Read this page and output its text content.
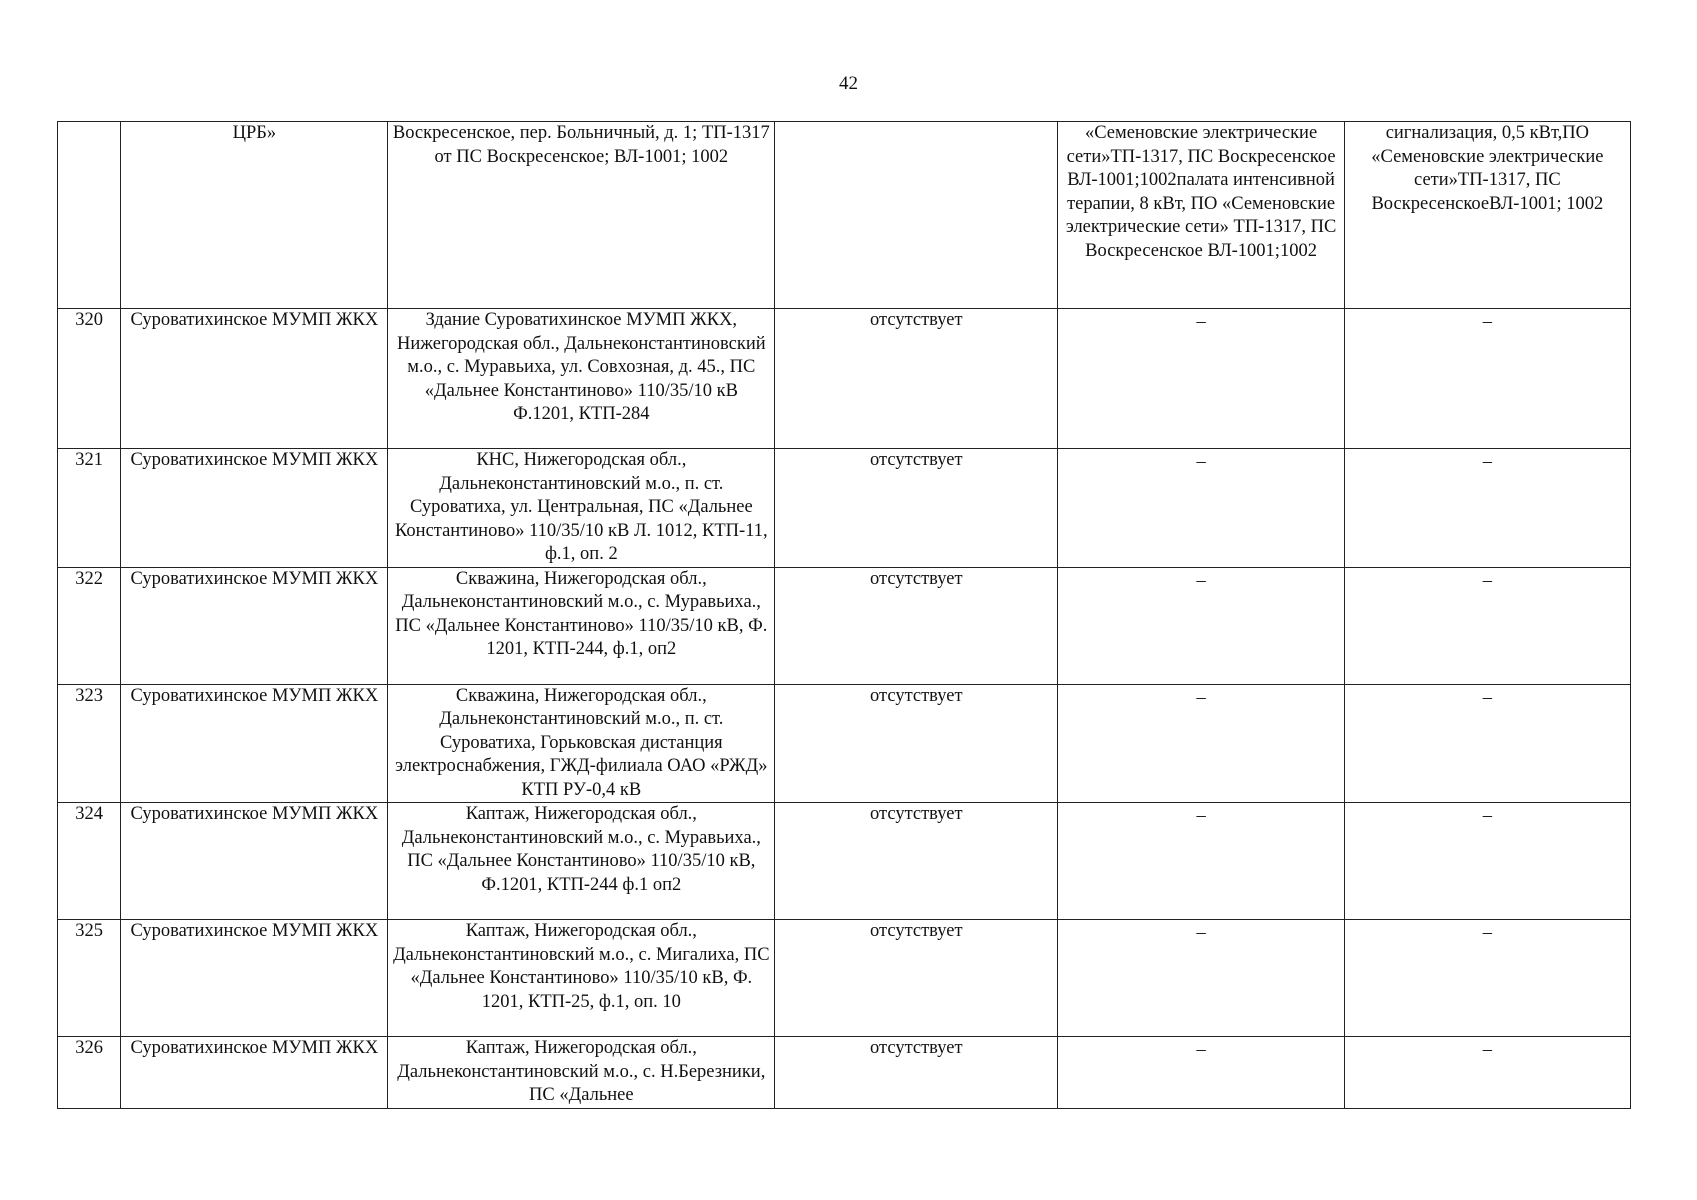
42
	ЦРБ»	Воскресенское, пер. Больничный, д. 1; ТП-1317 от ПС Воскресенское; ВЛ-1001; 1002		«Семеновские электрические сети»ТП-1317, ПС Воскресенское ВЛ-1001;1002палата интенсивной терапии, 8 кВт, ПО «Семеновские электрические сети» ТП-1317, ПС Воскресенское ВЛ-1001;1002	сигнализация, 0,5 кВт,ПО «Семеновские электрические сети»ТП-1317, ПС ВоскресенскоеВЛ-1001; 1002
320	Суроватихинское МУМП ЖКХ	Здание Суроватихинское МУМП ЖКХ, Нижегородская обл., Дальнеконстантиновский м.о., с. Муравьиха, ул. Совхозная, д. 45., ПС «Дальнее Константиново» 110/35/10 кВ Ф.1201, КТП-284	отсутствует	–	–
321	Суроватихинское МУМП ЖКХ	КНС, Нижегородская обл., Дальнеконстантиновский м.о., п. ст. Суроватиха, ул. Центральная, ПС «Дальнее Константиново» 110/35/10 кВ Л. 1012, КТП-11, ф.1, оп. 2	отсутствует	–	–
322	Суроватихинское МУМП ЖКХ	Скважина, Нижегородская обл., Дальнеконстантиновский м.о., с. Муравьиха., ПС «Дальнее Константиново» 110/35/10 кВ, Ф. 1201, КТП-244, ф.1, оп2	отсутствует	–	–
323	Суроватихинское МУМП ЖКХ	Скважина, Нижегородская обл., Дальнеконстантиновский м.о., п. ст. Суроватиха, Горьковская дистанция электроснабжения, ГЖД-филиала ОАО «РЖД» КТП РУ-0,4 кВ	отсутствует	–	–
324	Суроватихинское МУМП ЖКХ	Каптаж, Нижегородская обл., Дальнеконстантиновский м.о., с. Муравьиха., ПС «Дальнее Константиново» 110/35/10 кВ, Ф.1201, КТП-244 ф.1 оп2	отсутствует	–	–
325	Суроватихинское МУМП ЖКХ	Каптаж, Нижегородская обл., Дальнеконстантиновский м.о., с. Мигалиха, ПС «Дальнее Константиново» 110/35/10 кВ, Ф. 1201, КТП-25, ф.1, оп. 10	отсутствует	–	–
326	Суроватихинское МУМП ЖКХ	Каптаж, Нижегородская обл., Дальнеконстантиновский м.о., с. Н.Березники, ПС «Дальнее	отсутствует	–	–
